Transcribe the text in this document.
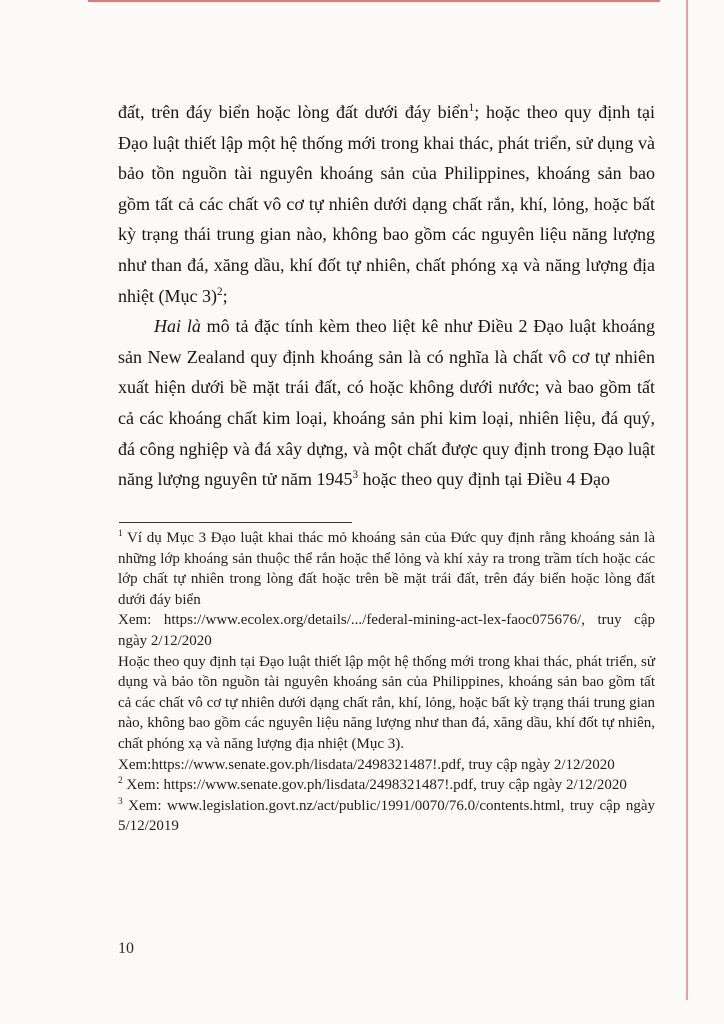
đất, trên đáy biển hoặc lòng đất dưới đáy biển$^1$; hoặc theo quy định tại Đạo luật thiết lập một hệ thống mới trong khai thác, phát triển, sử dụng và bảo tồn nguồn tài nguyên khoáng sản của Philippines, khoáng sản bao gồm tất cả các chất vô cơ tự nhiên dưới dạng chất rắn, khí, lỏng, hoặc bất kỳ trạng thái trung gian nào, không bao gồm các nguyên liệu năng lượng như than đá, xăng dầu, khí đốt tự nhiên, chất phóng xạ và năng lượng địa nhiệt (Mục 3)$^2$;

Hai là mô tả đặc tính kèm theo liệt kê như Điều 2 Đạo luật khoáng sản New Zealand quy định khoáng sản là có nghĩa là chất vô cơ tự nhiên xuất hiện dưới bề mặt trái đất, có hoặc không dưới nước; và bao gồm tất cả các khoáng chất kim loại, khoáng sản phi kim loại, nhiên liệu, đá quý, đá công nghiệp và đá xây dựng, và một chất được quy định trong Đạo luật năng lượng nguyên tử năm 1945$^3$ hoặc theo quy định tại Điều 4 Đạo

$^1$ Ví dụ Mục 3 Đạo luật khai thác mỏ khoáng sản của Đức quy định rằng khoáng sản là những lớp khoáng sản thuộc thể rắn hoặc thể lỏng và khí xảy ra trong trầm tích hoặc các lớp chất tự nhiên trong lòng đất hoặc trên bề mặt trái đất, trên đáy biển hoặc lòng đất dưới đáy biển

Xem: https://www.ecolex.org/details/.../federal-mining-act-lex-faoc075676/, truy cập ngày 2/12/2020

Hoặc theo quy định tại Đạo luật thiết lập một hệ thống mới trong khai thác, phát triển, sử dụng và bảo tồn nguồn tài nguyên khoáng sản của Philippines, khoáng sản bao gồm tất cả các chất vô cơ tự nhiên dưới dạng chất rắn, khí, lỏng, hoặc bất kỳ trạng thái trung gian nào, không bao gồm các nguyên liệu năng lượng như than đá, xăng dầu, khí đốt tự nhiên, chất phóng xạ và năng lượng địa nhiệt (Mục 3).

Xem:https://www.senate.gov.ph/lisdata/2498321487!.pdf, truy cập ngày 2/12/2020

$^2$ Xem: https://www.senate.gov.ph/lisdata/2498321487!.pdf, truy cập ngày 2/12/2020

$^3$ Xem: www.legislation.govt.nz/act/public/1991/0070/76.0/contents.html, truy cập ngày 5/12/2019

10
